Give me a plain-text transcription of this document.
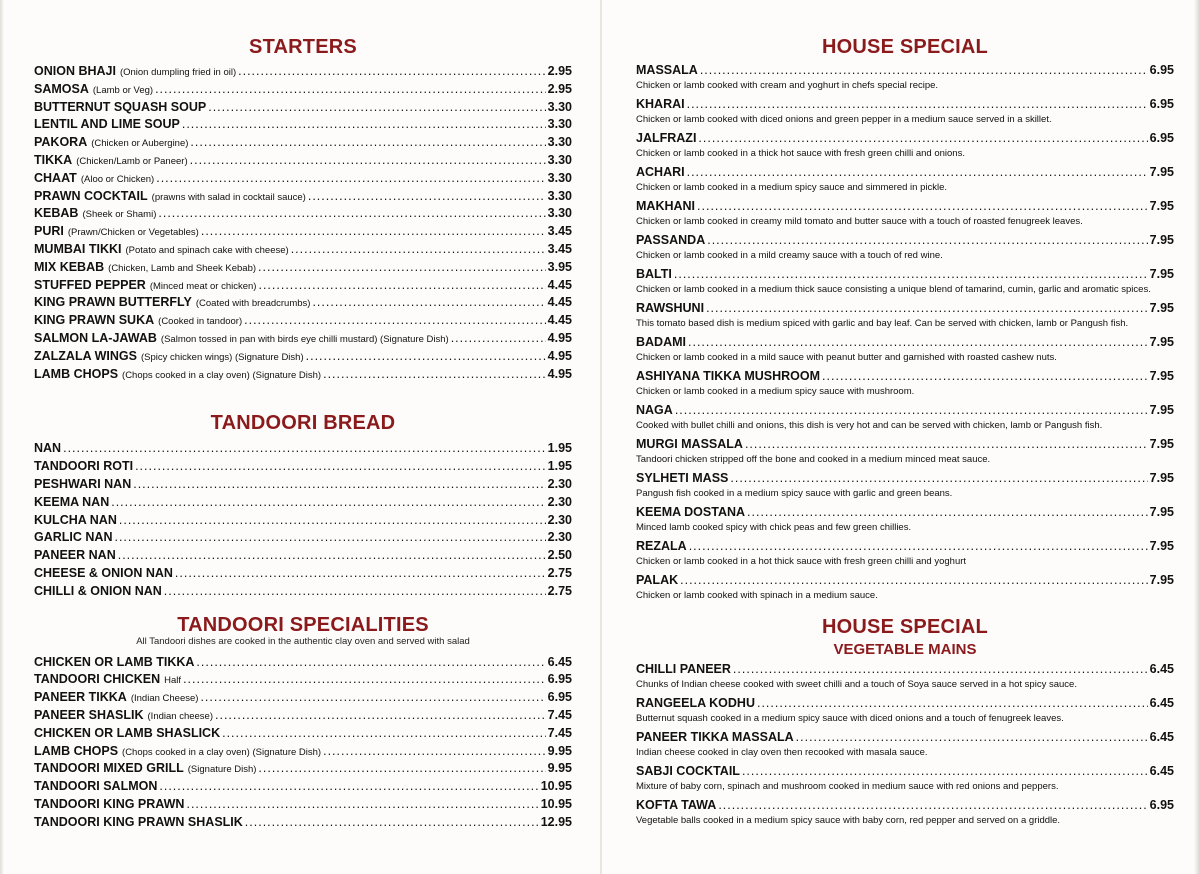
STARTERS
ONION BHAJI (Onion dumpling fried in oil) .....	2.95
SAMOSA (Lamb or Veg) .....	2.95
BUTTERNUT SQUASH SOUP .....	3.30
LENTIL AND LIME SOUP .....	3.30
PAKORA (Chicken or Aubergine) .....	3.30
TIKKA (Chicken/Lamb or Paneer) .....	3.30
CHAAT (Aloo or Chicken) .....	3.30
PRAWN COCKTAIL (prawns with salad in cocktail sauce) .....	3.30
KEBAB (Sheek or Shami) .....	3.30
PURI (Prawn/Chicken or Vegetables) .....	3.45
MUMBAI TIKKI (Potato and spinach cake with cheese) .....	3.45
MIX KEBAB (Chicken, Lamb and Sheek Kebab) .....	3.95
STUFFED PEPPER (Minced meat or chicken) .....	4.45
KING PRAWN BUTTERFLY (Coated with breadcrumbs) .....	4.45
KING PRAWN SUKA (Cooked in tandoor) .....	4.45
SALMON LA-JAWAB (Salmon tossed in pan with birds eye chilli mustard) (Signature Dish) .....	4.95
ZALZALA WINGS (Spicy chicken wings) (Signature Dish) .....	4.95
LAMB CHOPS (Chops cooked in a clay oven) (Signature Dish) .....	4.95
TANDOORI BREAD
NAN .....	1.95
TANDOORI ROTI .....	1.95
PESHWARI NAN .....	2.30
KEEMA NAN .....	2.30
KULCHA NAN .....	2.30
GARLIC NAN .....	2.30
PANEER NAN .....	2.50
CHEESE & ONION NAN .....	2.75
CHILLI & ONION NAN .....	2.75
TANDOORI SPECIALITIES
All Tandoori dishes are cooked in the authentic clay oven and served with salad
CHICKEN OR LAMB TIKKA .....	6.45
TANDOORI CHICKEN Half .....	6.95
PANEER TIKKA (Indian Cheese) .....	6.95
PANEER SHASLIK (Indian cheese) .....	7.45
CHICKEN OR LAMB SHASLICK .....	7.45
LAMB CHOPS (Chops cooked in a clay oven) (Signature Dish) .....	9.95
TANDOORI MIXED GRILL (Signature Dish) .....	9.95
TANDOORI SALMON .....	10.95
TANDOORI KING PRAWN .....	10.95
TANDOORI KING PRAWN SHASLIK .....	12.95
HOUSE SPECIAL
MASSALA .....	6.95
Chicken or lamb cooked with cream and yoghurt in chefs special recipe.
KHARAI .....	6.95
Chicken or lamb cooked with diced onions and green pepper in a medium sauce served in a skillet.
JALFRAZI .....	6.95
Chicken or lamb cooked in a thick hot sauce with fresh green chilli and onions.
ACHARI .....	7.95
Chicken or lamb cooked in a medium spicy sauce and simmered in pickle.
MAKHANI .....	7.95
Chicken or lamb cooked in creamy mild tomato and butter sauce with a touch of roasted fenugreek leaves.
PASSANDA .....	7.95
Chicken or lamb cooked in a mild creamy sauce with a touch of red wine.
BALTI .....	7.95
Chicken or lamb cooked in a medium thick sauce consisting a unique blend of tamarind, cumin, garlic and aromatic spices.
RAWSHUNI .....	7.95
This tomato based dish is medium spiced with garlic and bay leaf. Can be served with chicken, lamb or Pangush fish.
BADAMI .....	7.95
Chicken or lamb cooked in a mild sauce with peanut butter and garnished with roasted cashew nuts.
ASHIYANA TIKKA MUSHROOM .....	7.95
Chicken or lamb cooked in a medium spicy sauce with mushroom.
NAGA .....	7.95
Cooked with bullet chilli and onions, this dish is very hot and can be served with chicken, lamb or Pangush fish.
MURGI MASSALA .....	7.95
Tandoori chicken stripped off the bone and cooked in a medium minced meat sauce.
SYLHETI MASS .....	7.95
Pangush fish cooked in a medium spicy sauce with garlic and green beans.
KEEMA DOSTANA .....	7.95
Minced lamb cooked spicy with chick peas and few green chillies.
REZALA .....	7.95
Chicken or lamb cooked in a hot thick sauce with fresh green chilli and yoghurt
PALAK .....	7.95
Chicken or lamb cooked with spinach in a medium sauce.
HOUSE SPECIAL
VEGETABLE MAINS
CHILLI PANEER .....	6.45
Chunks of Indian cheese cooked with sweet chilli and a touch of Soya sauce served in a hot spicy sauce.
RANGEELA KODHU .....	6.45
Butternut squash cooked in a medium spicy sauce with diced onions and a touch of fenugreek leaves.
PANEER TIKKA MASSALA .....	6.45
Indian cheese cooked in clay oven then recooked with masala sauce.
SABJI COCKTAIL .....	6.45
Mixture of baby corn, spinach and mushroom cooked in medium sauce with red onions and peppers.
KOFTA TAWA .....	6.95
Vegetable balls cooked in a medium spicy sauce with baby corn, red pepper and served on a griddle.
